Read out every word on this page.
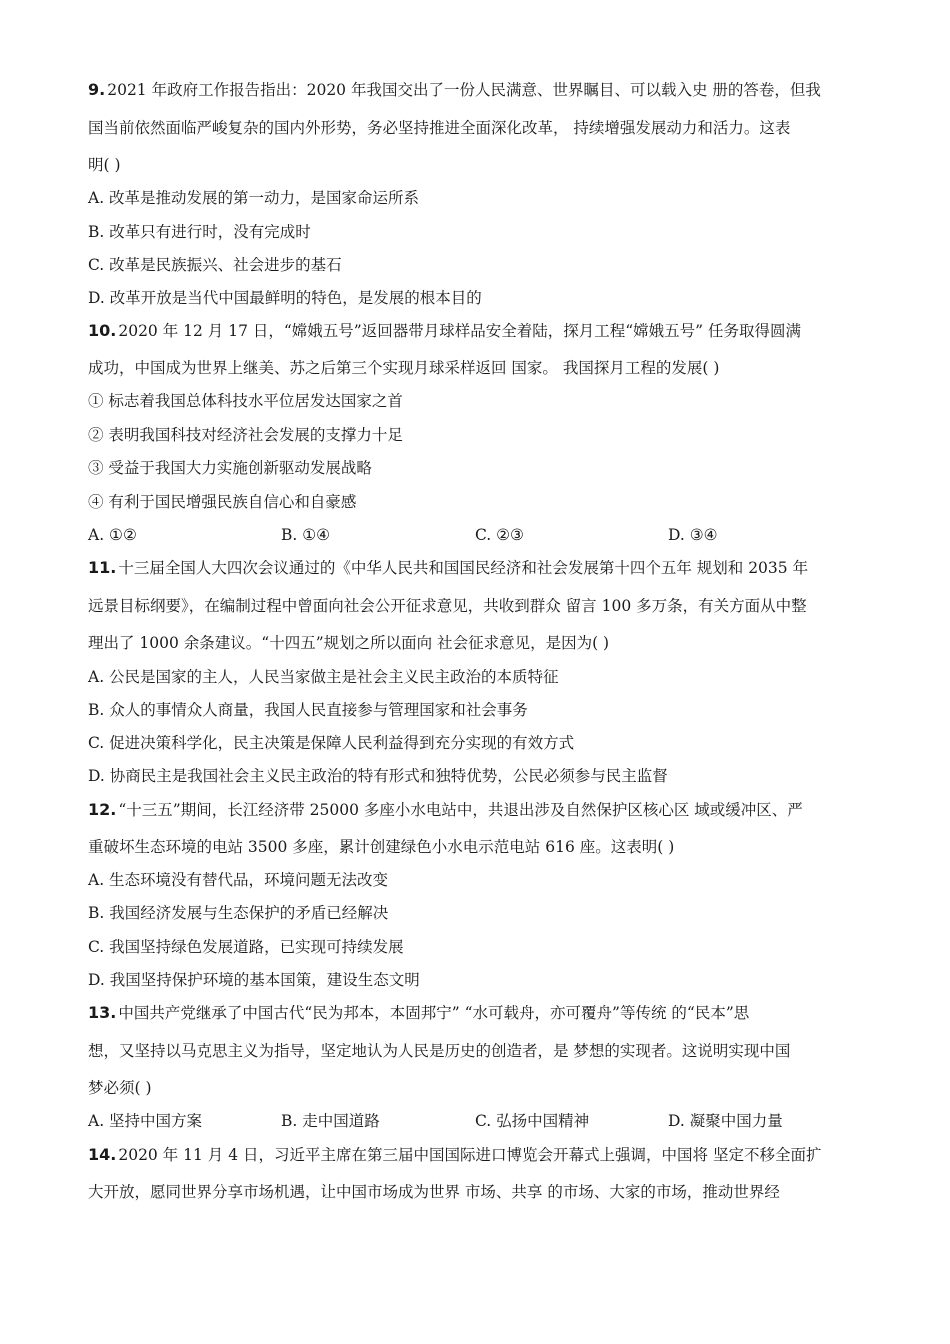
9. 2021 年政府工作报告指出：2020 年我国交出了一份人民满意、世界瞩目、可以载入史 册的答卷，但我
国当前依然面临严峻复杂的国内外形势，务必坚持推进全面深化改革， 持续增强发展动力和活力。这表
明( )
A. 改革是推动发展的第一动力，是国家命运所系
B. 改革只有进行时，没有完成时
C. 改革是民族振兴、社会进步的基石
D. 改革开放是当代中国最鲜明的特色，是发展的根本目的
10. 2020 年 12 月 17 日，“嫦娥五号”返回器带月球样品安全着陆，探月工程“嫦娥五号” 任务取得圆满
成功，中国成为世界上继美、苏之后第三个实现月球采样返回 国家。 我国探月工程的发展( )
① 标志着我国总体科技水平位居发达国家之首
② 表明我国科技对经济社会发展的支撑力十足
③ 受益于我国大力实施创新驱动发展战略
④ 有利于国民增强民族自信心和自豪感
A. ①②	B. ①④	C. ②③	D. ③④
11. 十三届全国人大四次会议通过的《中华人民共和国国民经济和社会发展第十四个五年 规划和 2035 年
远景目标纲要》，在编制过程中曾面向社会公开征求意见，共收到群众 留言 100 多万条，有关方面从中整
理出了 1000 余条建议。“十四五”规划之所以面向 社会征求意见，是因为( )
A. 公民是国家的主人，人民当家做主是社会主义民主政治的本质特征
B. 众人的事情众人商量，我国人民直接参与管理国家和社会事务
C. 促进决策科学化，民主决策是保障人民利益得到充分实现的有效方式
D. 协商民主是我国社会主义民主政治的特有形式和独特优势，公民必须参与民主监督
12. “十三五”期间，长江经济带 25000 多座小水电站中，共退出涉及自然保护区核心区 域或缓冲区、严
重破坏生态环境的电站 3500 多座，累计创建绿色小水电示范电站 616 座。这表明( )
A. 生态环境没有替代品，环境问题无法改变
B. 我国经济发展与生态保护的矛盾已经解决
C. 我国坚持绿色发展道路，已实现可持续发展
D. 我国坚持保护环境的基本国策，建设生态文明
13. 中国共产党继承了中国古代“民为邦本，本固邦宁” “水可载舟，亦可覆舟”等传统 的“民本”思
想，又坚持以马克思主义为指导，坚定地认为人民是历史的创造者，是 梦想的实现者。这说明实现中国
梦必须( )
A. 坚持中国方案	B. 走中国道路	C. 弘扬中国精神	D. 凝聚中国力量
14. 2020 年 11 月 4 日，习近平主席在第三届中国国际进口博览会开幕式上强调，中国将 坚定不移全面扩
大开放，愿同世界分享市场机遇，让中国市场成为世界 市场、共享 的市场、大家的市场，推动世界经
